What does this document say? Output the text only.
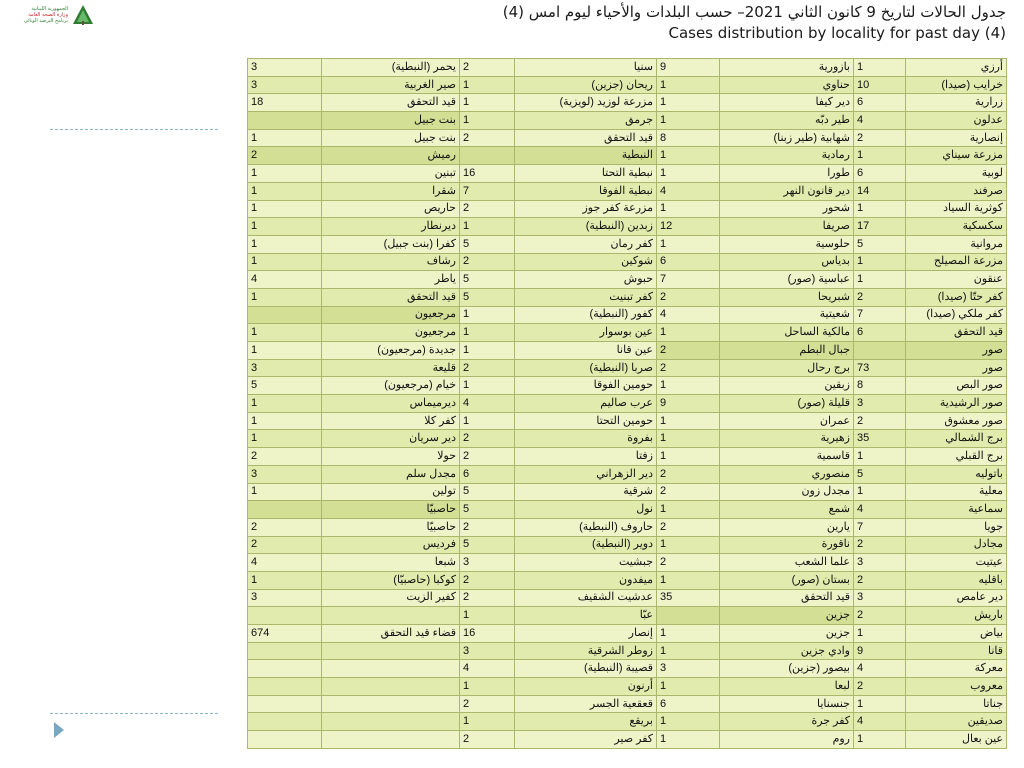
الجمهورية اللبنانية
وزارة الصحة العامة
برنامج الترصد الوبائي	جدول الحالات لتاريخ 9 كانون الثاني 2021– حسب البلدات والأحياء ليوم امس (4)
Cases distribution by locality for past day (4)
أرزي	1	بازورية	9	سنيا	2	يحمر (النبطية)	3
خرايب (صيدا)	10	حناوي	1	ريحان (جزين)	1	صير الغربية	3
زرارية	6	دير كيفا	1	مزرعة لوزيد (لويزية)	1	قيد التحقق	18
عدلون	4	طير دبّه	1	جرمق	1	بنت جبيل	
إنصارية	2	شهابية (طير زبنا)	8	قيد التحقق	2	بنت جبيل	1
مزرعة سيناي	1	رمادية	1	النبطية		رميش	2
لوبية	6	طورا	1	نبطية التحتا	16	تبنين	1
صرفند	14	دير قانون النهر	4	نبطية الفوقا	7	شقرا	1
كوثرية السياد	1	شحور	1	مزرعة كفر جوز	2	حاريص	1
سكسكية	17	صريفا	12	زبدين (النبطية)	1	ديرنطار	1
مروانية	5	حلوسية	1	كفر رمان	5	كفرا (بنت جبيل)	1
مزرعة المصيلح	1	بدياس	6	شوكين	2	رشاف	1
عنقون	1	عباسية (صور)	7	حبوش	5	ياطر	4
كفر حتّا (صيدا)	2	شبريحا	2	كفر تبنيت	5	قيد التحقق	1
كفر ملكي (صيدا)	7	شعيتية	4	كفور (النبطية)	1	مرجعيون	
قيد التحقق	6	مالكية الساحل	1	عين بوسوار	1	مرجعيون	1
صور		جبال البطم	2	عين قانا	1	جديدة (مرجعيون)	1
صور	73	برج رحال	2	صربا (النبطية)	2	قليعة	3
صور البص	8	زبقين	1	حومين الفوقا	1	خيام (مرجعيون)	5
صور الرشيدية	3	قليلة (صور)	9	عرب صاليم	4	ديرميماس	1
صور معشوق	2	عمران	1	حومين التحتا	1	كفر كلا	1
برج الشمالي	35	زهيرية	1	بفروة	2	دير سريان	1
برج القبلي	1	قاسمية	1	زفتا	2	حولا	2
باتوليه	5	منصوري	2	دير الزهراني	6	مجدل سلم	3
معلية	1	مجدل زون	2	شرقية	5	تولين	1
سماعية	4	شمع	1	نول	5	حاصبيّا	
جويا	7	يارين	2	حاروف (النبطية)	2	حاصبيّا	2
مجادل	2	ناقورة	1	دوير (النبطية)	5	فرديس	2
عيتيت	3	علما الشعب	2	جبشيت	3	شبعا	4
باقليه	2	بستان (صور)	1	ميفدون	2	كوكبا (حاصبيّا)	1
دير عامص	3	قيد التحقق	35	عدشيت الشقيف	2	كفير الزيت	3
باريش	2	جزين		عبّا	1		
بياض	1	جزين	1	إنصار	16	قضاء قيد التحقق	674
قانا	9	وادي جزين	1	زوطر الشرقية	3		
معركة	4	بيصور (جزين)	3	قصيبة (النبطية)	4		
معروب	2	لبعا	1	أرنون	1		
جناتا	1	جنسنايا	6	قعقعية الجسر	2		
صديقين	4	كفر جرة	1	بريقع	1		
عين بعال	1	روم	1	كفر صير	2		
